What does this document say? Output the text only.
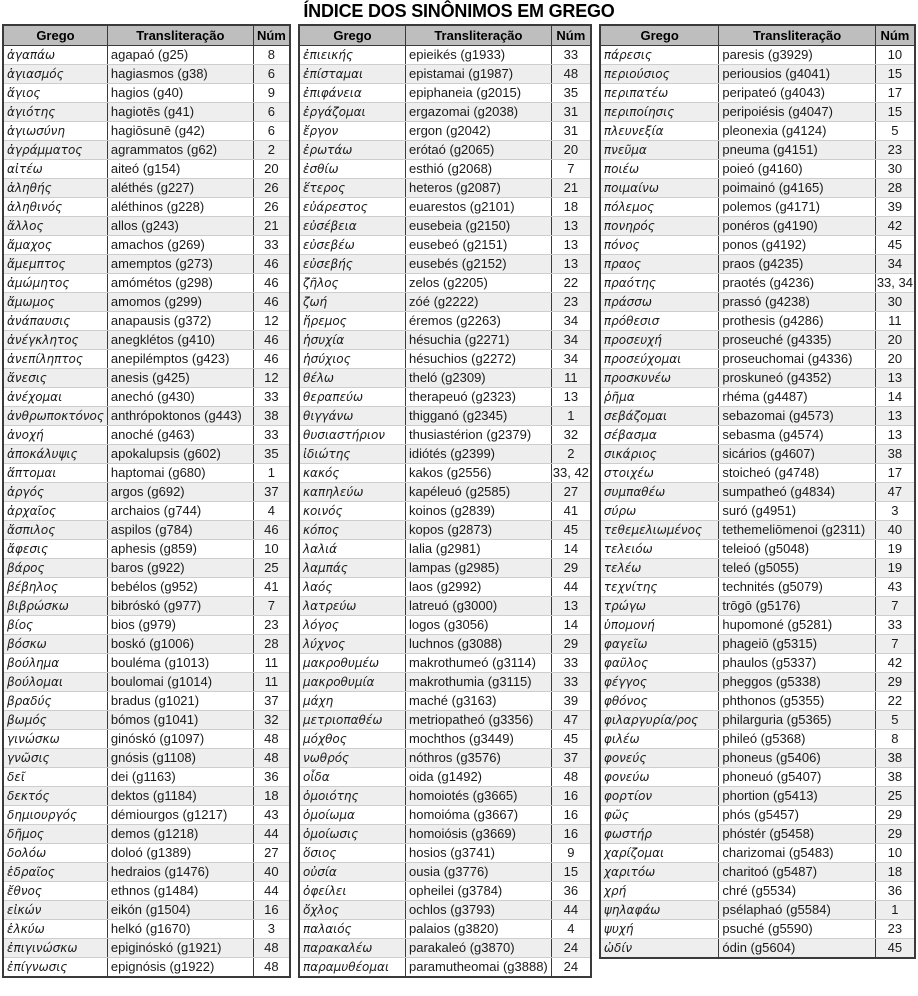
ÍNDICE DOS SINÔNIMOS EM GREGO
Grego	Transliteração	Núm
ἀγαπάω	agapaó (g25)	8
ἁγιασμός	hagiasmos (g38)	6
ἅγιος	hagios (g40)	9
ἁγιότης	hagiotēs (g41)	6
ἁγιωσύνη	hagiōsunē (g42)	6
ἀγράμματος	agrammatos (g62)	2
αἰτέω	aiteó (g154)	20
ἀληθής	aléthés (g227)	26
ἀληθινός	aléthinos (g228)	26
ἄλλος	allos (g243)	21
ἄμαχος	amachos (g269)	33
ἄμεμπτος	amemptos (g273)	46
ἀμώμητος	amómétos (g298)	46
ἄμωμος	amomos (g299)	46
ἀνάπαυσις	anapausis (g372)	12
ἀνέγκλητος	anegklétos (g410)	46
ἀνεπίληπτος	anepilémptos (g423)	46
ἄνεσις	anesis (g425)	12
ἀνέχομαι	anechó (g430)	33
ἀνθρωποκτόνος	anthrópoktonos (g443)	38
ἀνοχή	anoché (g463)	33
ἀποκάλυψις	apokalupsis (g602)	35
ἅπτομαι	haptomai (g680)	1
ἀργός	argos (g692)	37
ἀρχαῖος	archaios (g744)	4
ἄσπιλος	aspilos (g784)	46
ἄφεσις	aphesis (g859)	10
βάρος	baros (g922)	25
βέβηλος	bebélos (g952)	41
βιβρώσκω	bibróskó (g977)	7
βίος	bios (g979)	23
βόσκω	boskó (g1006)	28
βούλημα	bouléma (g1013)	11
βούλομαι	boulomai (g1014)	11
βραδύς	bradus (g1021)	37
βωμός	bómos (g1041)	32
γινώσκω	ginóskó (g1097)	48
γνῶσις	gnósis (g1108)	48
δεῖ	dei (g1163)	36
δεκτός	dektos (g1184)	18
δημιουργός	démiourgos (g1217)	43
δῆμος	demos (g1218)	44
δολόω	doloó (g1389)	27
ἑδραῖος	hedraios (g1476)	40
ἔθνος	ethnos (g1484)	44
εἰκών	eikón (g1504)	16
ἑλκύω	helkó (g1670)	3
ἐπιγινώσκω	epiginóskó (g1921)	48
ἐπίγνωσις	epignósis (g1922)	48
Grego	Transliteração	Núm
ἐπιεικής	epieikés (g1933)	33
ἐπίσταμαι	epistamai (g1987)	48
ἐπιφάνεια	epiphaneia (g2015)	35
ἐργάζομαι	ergazomai (g2038)	31
ἔργον	ergon (g2042)	31
ἐρωτάω	erótaó (g2065)	20
ἐσθίω	esthió (g2068)	7
ἕτερος	heteros (g2087)	21
εὐάρεστος	euarestos (g2101)	18
εὐσέβεια	eusebeia (g2150)	13
εὐσεβέω	eusebeó (g2151)	13
εὐσεβής	eusebés (g2152)	13
ζῆλος	zelos (g2205)	22
ζωή	zóé (g2222)	23
ἤρεμος	éremos (g2263)	34
ἡσυχία	hésuchia (g2271)	34
ἡσύχιος	hésuchios (g2272)	34
θέλω	theló (g2309)	11
θεραπεύω	therapeuó (g2323)	13
θιγγάνω	thigganó (g2345)	1
θυσιαστήριον	thusiastérion (g2379)	32
ἰδιώτης	idiótés (g2399)	2
κακός	kakos (g2556)	33, 42
καπηλεύω	kapéleuó (g2585)	27
κοινός	koinos (g2839)	41
κόπος	kopos (g2873)	45
λαλιά	lalia (g2981)	14
λαμπάς	lampas (g2985)	29
λαός	laos (g2992)	44
λατρεύω	latreuó (g3000)	13
λόγος	logos (g3056)	14
λύχνος	luchnos (g3088)	29
μακροθυμέω	makrothumeó (g3114)	33
μακροθυμία	makrothumia (g3115)	33
μάχη	maché (g3163)	39
μετριοπαθέω	metriopatheó (g3356)	47
μόχθος	mochthos (g3449)	45
νωθρός	nóthros (g3576)	37
οἶδα	oida (g1492)	48
ὁμοιότης	homoiotés (g3665)	16
ὁμοίωμα	homoióma (g3667)	16
ὁμοίωσις	homoiósis (g3669)	16
ὅσιος	hosios (g3741)	9
οὐσία	ousia (g3776)	15
ὀφείλει	opheilei (g3784)	36
ὄχλος	ochlos (g3793)	44
παλαιός	palaios (g3820)	4
παρακαλέω	parakaleó (g3870)	24
παραμυθέομαι	paramutheomai (g3888)	24
Grego	Transliteração	Núm
πάρεσις	paresis (g3929)	10
περιούσιος	periousios (g4041)	15
περιπατέω	peripateó (g4043)	17
περιποίησις	peripoiésis (g4047)	15
πλευνεξία	pleonexia (g4124)	5
πνεῦμα	pneuma (g4151)	23
ποιέω	poieó (g4160)	30
ποιμαίνω	poimainó (g4165)	28
πόλεμος	polemos (g4171)	39
πονηρός	ponéros (g4190)	42
πόνος	ponos (g4192)	45
πραος	praos (g4235)	34
πραότης	praotés (g4236)	33, 34
πράσσω	prassó (g4238)	30
πρόθεσισ	prothesis (g4286)	11
προσευχή	proseuché (g4335)	20
προσεύχομαι	proseuchomai (g4336)	20
προσκυνέω	proskuneó (g4352)	13
ῥῆμα	rhéma (g4487)	14
σεβάζομαι	sebazomai (g4573)	13
σέβασμα	sebasma (g4574)	13
σικάριος	sicários (g4607)	38
στοιχέω	stoicheó (g4748)	17
συμπαθέω	sumpatheó (g4834)	47
σύρω	suró (g4951)	3
τεθεμελιωμένος	tethemeliōmenoi (g2311)	40
τελειόω	teleioó (g5048)	19
τελέω	teleó (g5055)	19
τεχνίτης	technités (g5079)	43
τρώγω	trōgō (g5176)	7
ὑπομονή	hupomoné (g5281)	33
φαγεῖω	phageiō (g5315)	7
φαῦλος	phaulos (g5337)	42
φέγγος	pheggos (g5338)	29
φθόνος	phthonos (g5355)	22
φιλαργυρία/ρος	philarguria (g5365)	5
φιλέω	phileó (g5368)	8
φονεύς	phoneus (g5406)	38
φονεύω	phoneuó (g5407)	38
φορτίον	phortion (g5413)	25
φῶς	phós (g5457)	29
φωστήρ	phóstér (g5458)	29
χαρίζομαι	charizomai (g5483)	10
χαριτόω	charitoó (g5487)	18
χρή	chré (g5534)	36
ψηλαφάω	psélaphaó (g5584)	1
ψυχή	psuché (g5590)	23
ὠδίν	ódin (g5604)	45
